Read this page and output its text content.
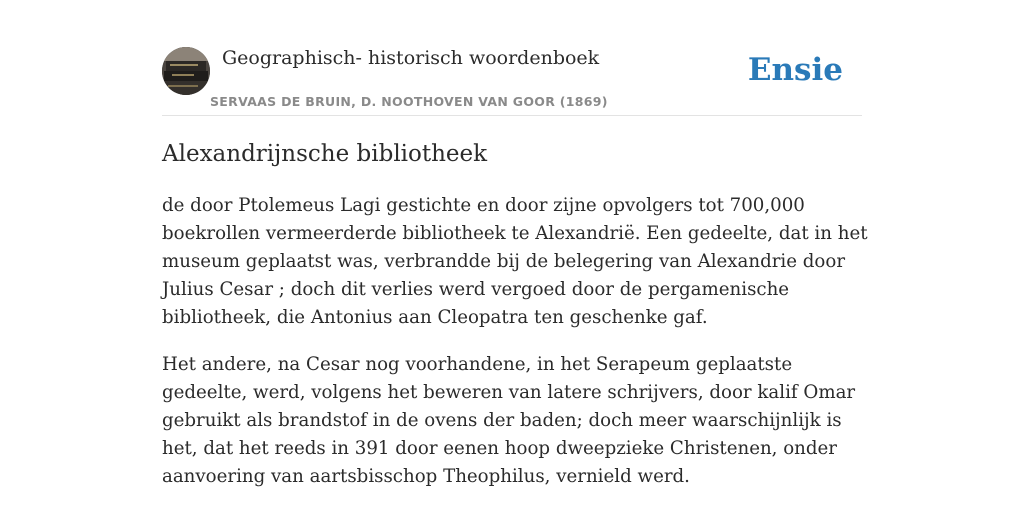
Geographisch- historisch woordenboek
SERVAAS DE BRUIN, D. NOOTHOVEN VAN GOOR (1869)
Ensie
Alexandrijnsche bibliotheek

de door Ptolemeus Lagi gestichte en door zijne opvolgers tot 700,000 boekrollen vermeerderde bibliotheek te Alexandrië. Een gedeelte, dat in het museum geplaatst was, verbrandde bij de belegering van Alexandrie door Julius Cesar ; doch dit verlies werd vergoed door de pergamenische bibliotheek, die Antonius aan Cleopatra ten geschenke gaf.

Het andere, na Cesar nog voorhandene, in het Serapeum geplaatste gedeelte, werd, volgens het beweren van latere schrijvers, door kalif Omar gebruikt als brandstof in de ovens der baden; doch meer waarschijnlijk is het, dat het reeds in 391 door eenen hoop dweepzieke Christenen, onder aanvoering van aartsbisschop Theophilus, vernield werd.
